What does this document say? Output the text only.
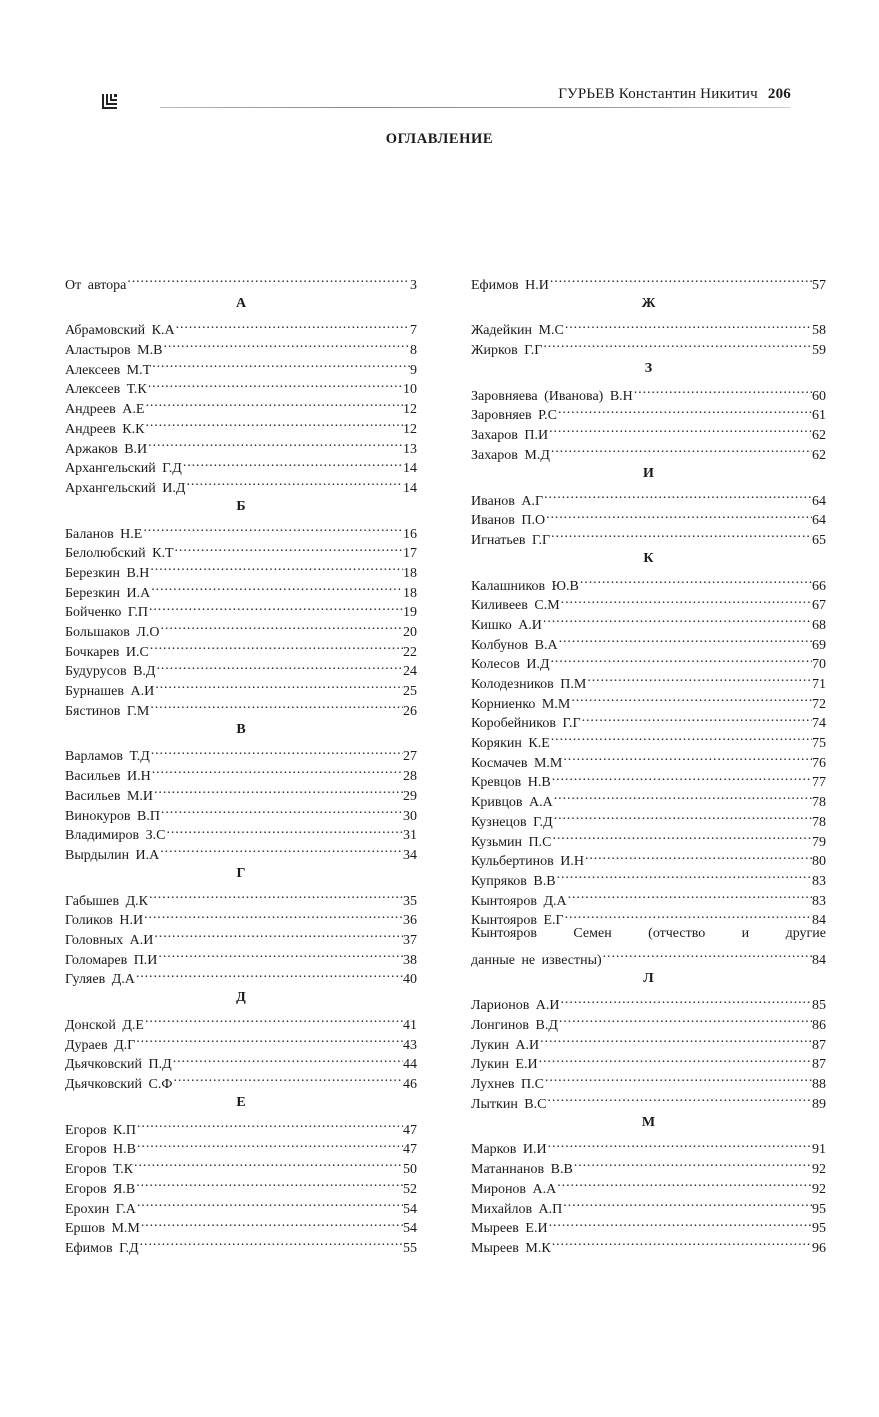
ГУРЬЕВ Константин Никитич 206
ОГЛАВЛЕНИЕ
От автора .....	3
А
Абрамовский К.А .....	7
Аластыров М.В .....	8
Алексеев М.Т .....	9
Алексеев Т.К .....	10
Андреев А.Е .....	12
Андреев К.К .....	12
Аржаков В.И .....	13
Архангельский Г.Д .....	14
Архангельский И.Д .....	14
Б
Баланов Н.Е .....	16
Белолюбский К.Т .....	17
Березкин В.Н .....	18
Березкин И.А .....	18
Бойченко Г.П .....	19
Большаков Л.О .....	20
Бочкарев И.С .....	22
Будурусов В.Д .....	24
Бурнашев А.И .....	25
Бястинов Г.М .....	26
В
Варламов Т.Д .....	27
Васильев И.Н .....	28
Васильев М.И .....	29
Винокуров В.П .....	30
Владимиров З.С .....	31
Вырдылин И.А .....	34
Г
Габышев Д.К .....	35
Голиков Н.И .....	36
Головных А.И .....	37
Голомарев П.И .....	38
Гуляев Д.А .....	40
Д
Донской Д.Е .....	41
Дураев Д.Г .....	43
Дьячковский П.Д .....	44
Дьячковский С.Ф .....	46
Е
Егоров К.П .....	47
Егоров Н.В .....	47
Егоров Т.К .....	50
Егоров Я.В .....	52
Ерохин Г.А .....	54
Ершов М.М .....	54
Ефимов Г.Д .....	55
Ефимов Н.И .....	57
Ж
Жадейкин М.С .....	58
Жирков Г.Г .....	59
З
Заровняева (Иванова) В.Н .....	60
Заровняев Р.С .....	61
Захаров П.И .....	62
Захаров М.Д .....	62
И
Иванов А.Г .....	64
Иванов П.О .....	64
Игнатьев Г.Г .....	65
К
Калашников Ю.В .....	66
Киливеев С.М .....	67
Кишко А.И .....	68
Колбунов В.А .....	69
Колесов И.Д .....	70
Колодезников П.М .....	71
Корниенко М.М .....	72
Коробейников Г.Г .....	74
Корякин К.Е .....	75
Космачев М.М .....	76
Кревцов Н.В .....	77
Кривцов А.А .....	78
Кузнецов Г.Д .....	78
Кузьмин П.С .....	79
Кульбертинов И.Н .....	80
Купряков В.В .....	83
Кынтояров Д.А .....	83
Кынтояров Е.Г .....	84
Кынтояров	Семен	(отчество	и	другие
данные не известны) .....	84
Л
Ларионов А.И .....	85
Лонгинов В.Д .....	86
Лукин А.И .....	87
Лукин Е.И .....	87
Лухнев П.С .....	88
Лыткин В.С .....	89
М
Марков И.И .....	91
Матаннанов В.В .....	92
Миронов А.А .....	92
Михайлов А.П .....	95
Мыреев Е.И .....	95
Мыреев М.К .....	96
